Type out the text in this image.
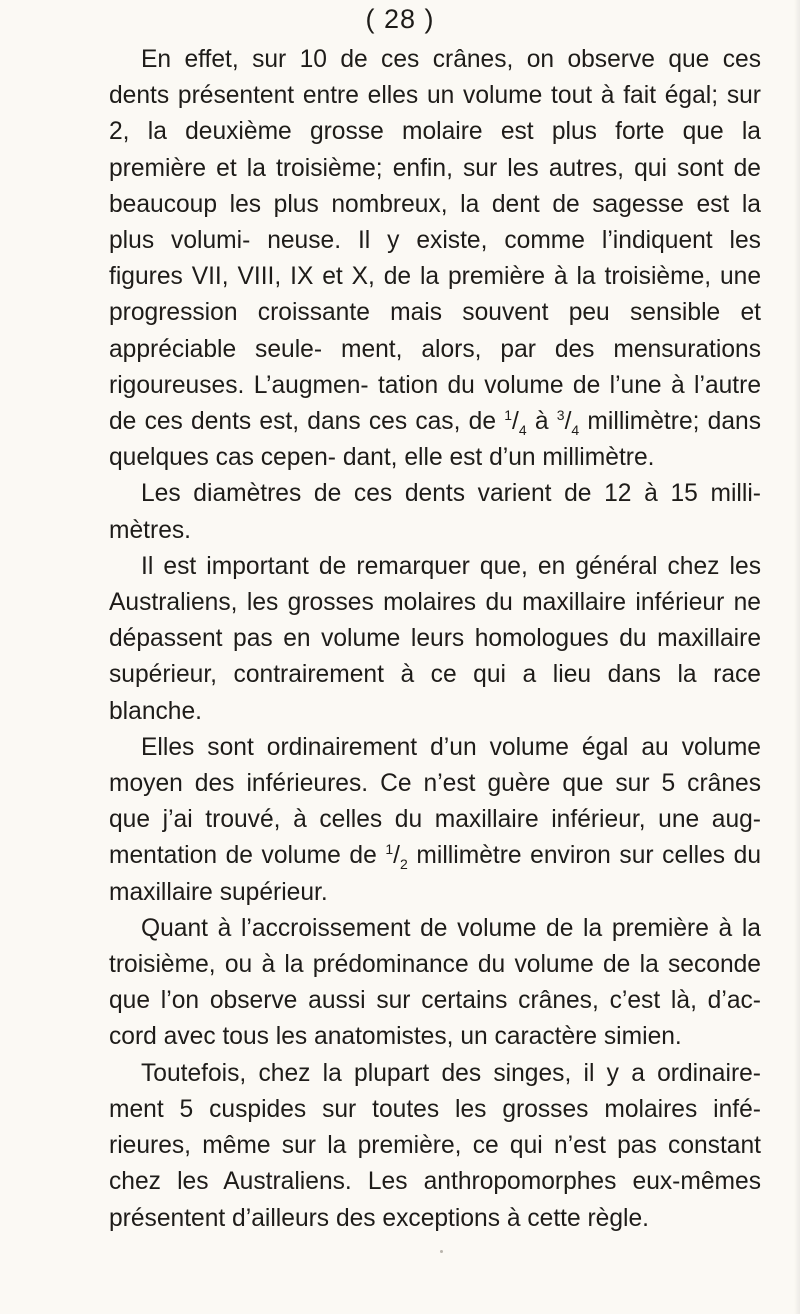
( 28 )

En effet, sur 10 de ces crânes, on observe que ces dents présentent entre elles un volume tout à fait égal; sur 2, la deuxième grosse molaire est plus forte que la première et la troisième; enfin, sur les autres, qui sont de beaucoup les plus nombreux, la dent de sagesse est la plus volumi- neuse. Il y existe, comme l’indiquent les figures VII, VIII, IX et X, de la première à la troisième, une progression croissante mais souvent peu sensible et appréciable seule- ment, alors, par des mensurations rigoureuses. L’augmen- tation du volume de l’une à l’autre de ces dents est, dans ces cas, de $^1/_4$ à $^3/_4$ millimètre; dans quelques cas cepen- dant, elle est d’un millimètre.

Les diamètres de ces dents varient de 12 à 15 milli- mètres.

Il est important de remarquer que, en général chez les Australiens, les grosses molaires du maxillaire inférieur ne dépassent pas en volume leurs homologues du maxillaire supérieur, contrairement à ce qui a lieu dans la race blanche.

Elles sont ordinairement d’un volume égal au volume moyen des inférieures. Ce n’est guère que sur 5 crânes que j’ai trouvé, à celles du maxillaire inférieur, une aug- mentation de volume de $^1/_2$ millimètre environ sur celles du maxillaire supérieur.

Quant à l’accroissement de volume de la première à la troisième, ou à la prédominance du volume de la seconde que l’on observe aussi sur certains crânes, c’est là, d’ac- cord avec tous les anatomistes, un caractère simien.

Toutefois, chez la plupart des singes, il y a ordinaire- ment 5 cuspides sur toutes les grosses molaires infé- rieures, même sur la première, ce qui n’est pas constant chez les Australiens. Les anthropomorphes eux-mêmes présentent d’ailleurs des exceptions à cette règle.
